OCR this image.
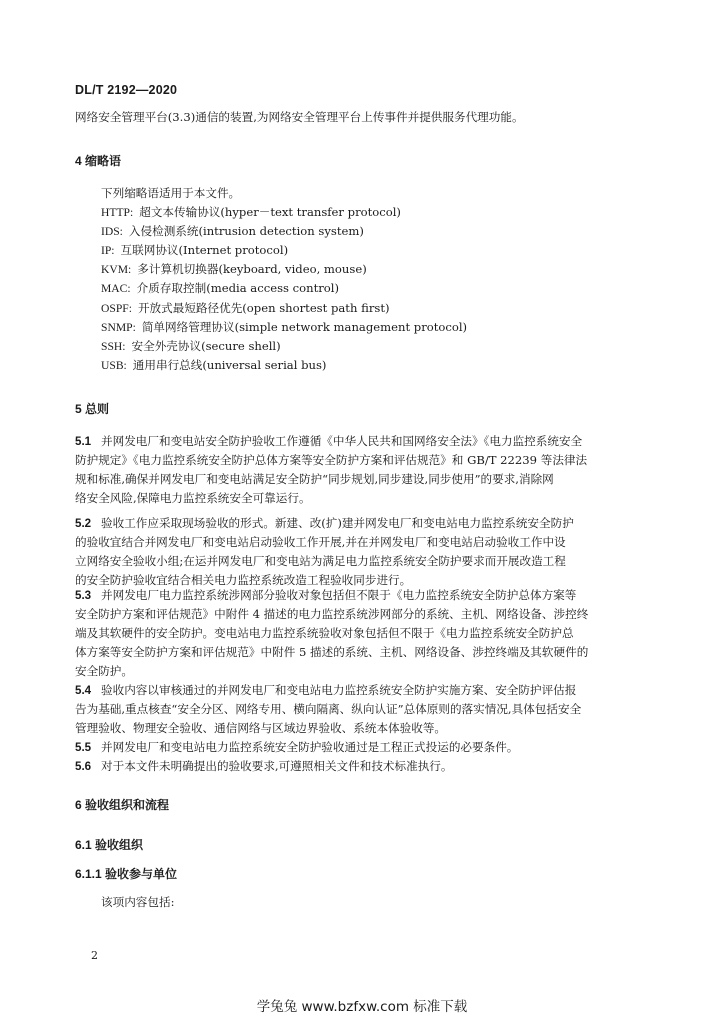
DL/T 2192—2020
网络安全管理平台(3.3)通信的装置,为网络安全管理平台上传事件并提供服务代理功能。
4 缩略语
下列缩略语适用于本文件。
HTTP: 超文本传输协议(hyper－text transfer protocol)
IDS: 入侵检测系统(intrusion detection system)
IP: 互联网协议(Internet protocol)
KVM: 多计算机切换器(keyboard, video, mouse)
MAC: 介质存取控制(media access control)
OSPF: 开放式最短路径优先(open shortest path first)
SNMP: 简单网络管理协议(simple network management protocol)
SSH: 安全外壳协议(secure shell)
USB: 通用串行总线(universal serial bus)
5 总则
5.1 并网发电厂和变电站安全防护验收工作遵循《中华人民共和国网络安全法》《电力监控系统安全
防护规定》《电力监控系统安全防护总体方案等安全防护方案和评估规范》和 GB/T 22239 等法律法
规和标准,确保并网发电厂和变电站满足安全防护“同步规划,同步建设,同步使用”的要求,消除网
络安全风险,保障电力监控系统安全可靠运行。
5.2 验收工作应采取现场验收的形式。新建、改(扩)建并网发电厂和变电站电力监控系统安全防护
的验收宜结合并网发电厂和变电站启动验收工作开展,并在并网发电厂和变电站启动验收工作中设
立网络安全验收小组;在运并网发电厂和变电站为满足电力监控系统安全防护要求而开展改造工程
的安全防护验收宜结合相关电力监控系统改造工程验收同步进行。
5.3 并网发电厂电力监控系统涉网部分验收对象包括但不限于《电力监控系统安全防护总体方案等
安全防护方案和评估规范》中附件 4 描述的电力监控系统涉网部分的系统、主机、网络设备、涉控终
端及其软硬件的安全防护。变电站电力监控系统验收对象包括但不限于《电力监控系统安全防护总
体方案等安全防护方案和评估规范》中附件 5 描述的系统、主机、网络设备、涉控终端及其软硬件的
安全防护。
5.4 验收内容以审核通过的并网发电厂和变电站电力监控系统安全防护实施方案、安全防护评估报
告为基础,重点核查“安全分区、网络专用、横向隔离、纵向认证”总体原则的落实情况,具体包括安全
管理验收、物理安全验收、通信网络与区域边界验收、系统本体验收等。
5.5 并网发电厂和变电站电力监控系统安全防护验收通过是工程正式投运的必要条件。
5.6 对于本文件未明确提出的验收要求,可遵照相关文件和技术标准执行。
6 验收组织和流程
6.1 验收组织
6.1.1 验收参与单位
该项内容包括:
2
学兔兔 www.bzfxw.com 标准下载
